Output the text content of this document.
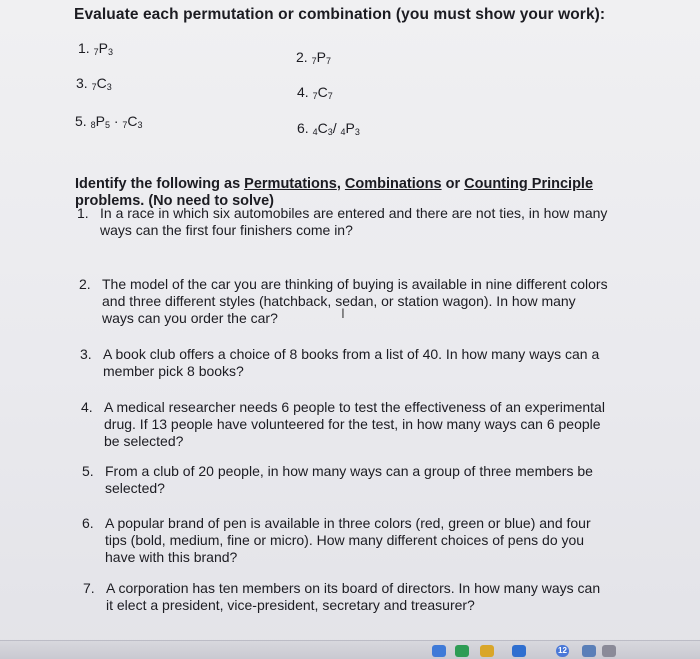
Evaluate each permutation or combination (you must show your work):
1. $_7P_3$	2. $_7P_7$
3. $_7C_3$	4. $_7C_7$
5. $_8P_5 \cdot _7C_3$	6. $_4C_3/$ $_4P_3$
Identify the following as Permutations, Combinations or Counting Principle
problems. (No need to solve)
1. In a race in which six automobiles are entered and there are not ties, in how many
ways can the first four finishers come in?
2. The model of the car you are thinking of buying is available in nine different colors
and three different styles (hatchback, sedan, or station wagon). In how many
ways can you order the car?
3. A book club offers a choice of 8 books from a list of 40. In how many ways can a
member pick 8 books?
4. A medical researcher needs 6 people to test the effectiveness of an experimental
drug. If 13 people have volunteered for the test, in how many ways can 6 people
be selected?
5. From a club of 20 people, in how many ways can a group of three members be
selected?
6. A popular brand of pen is available in three colors (red, green or blue) and four
tips (bold, medium, fine or micro). How many different choices of pens do you
have with this brand?
7. A corporation has ten members on its board of directors. In how many ways can
it elect a president, vice-president, secretary and treasurer?
I
12
